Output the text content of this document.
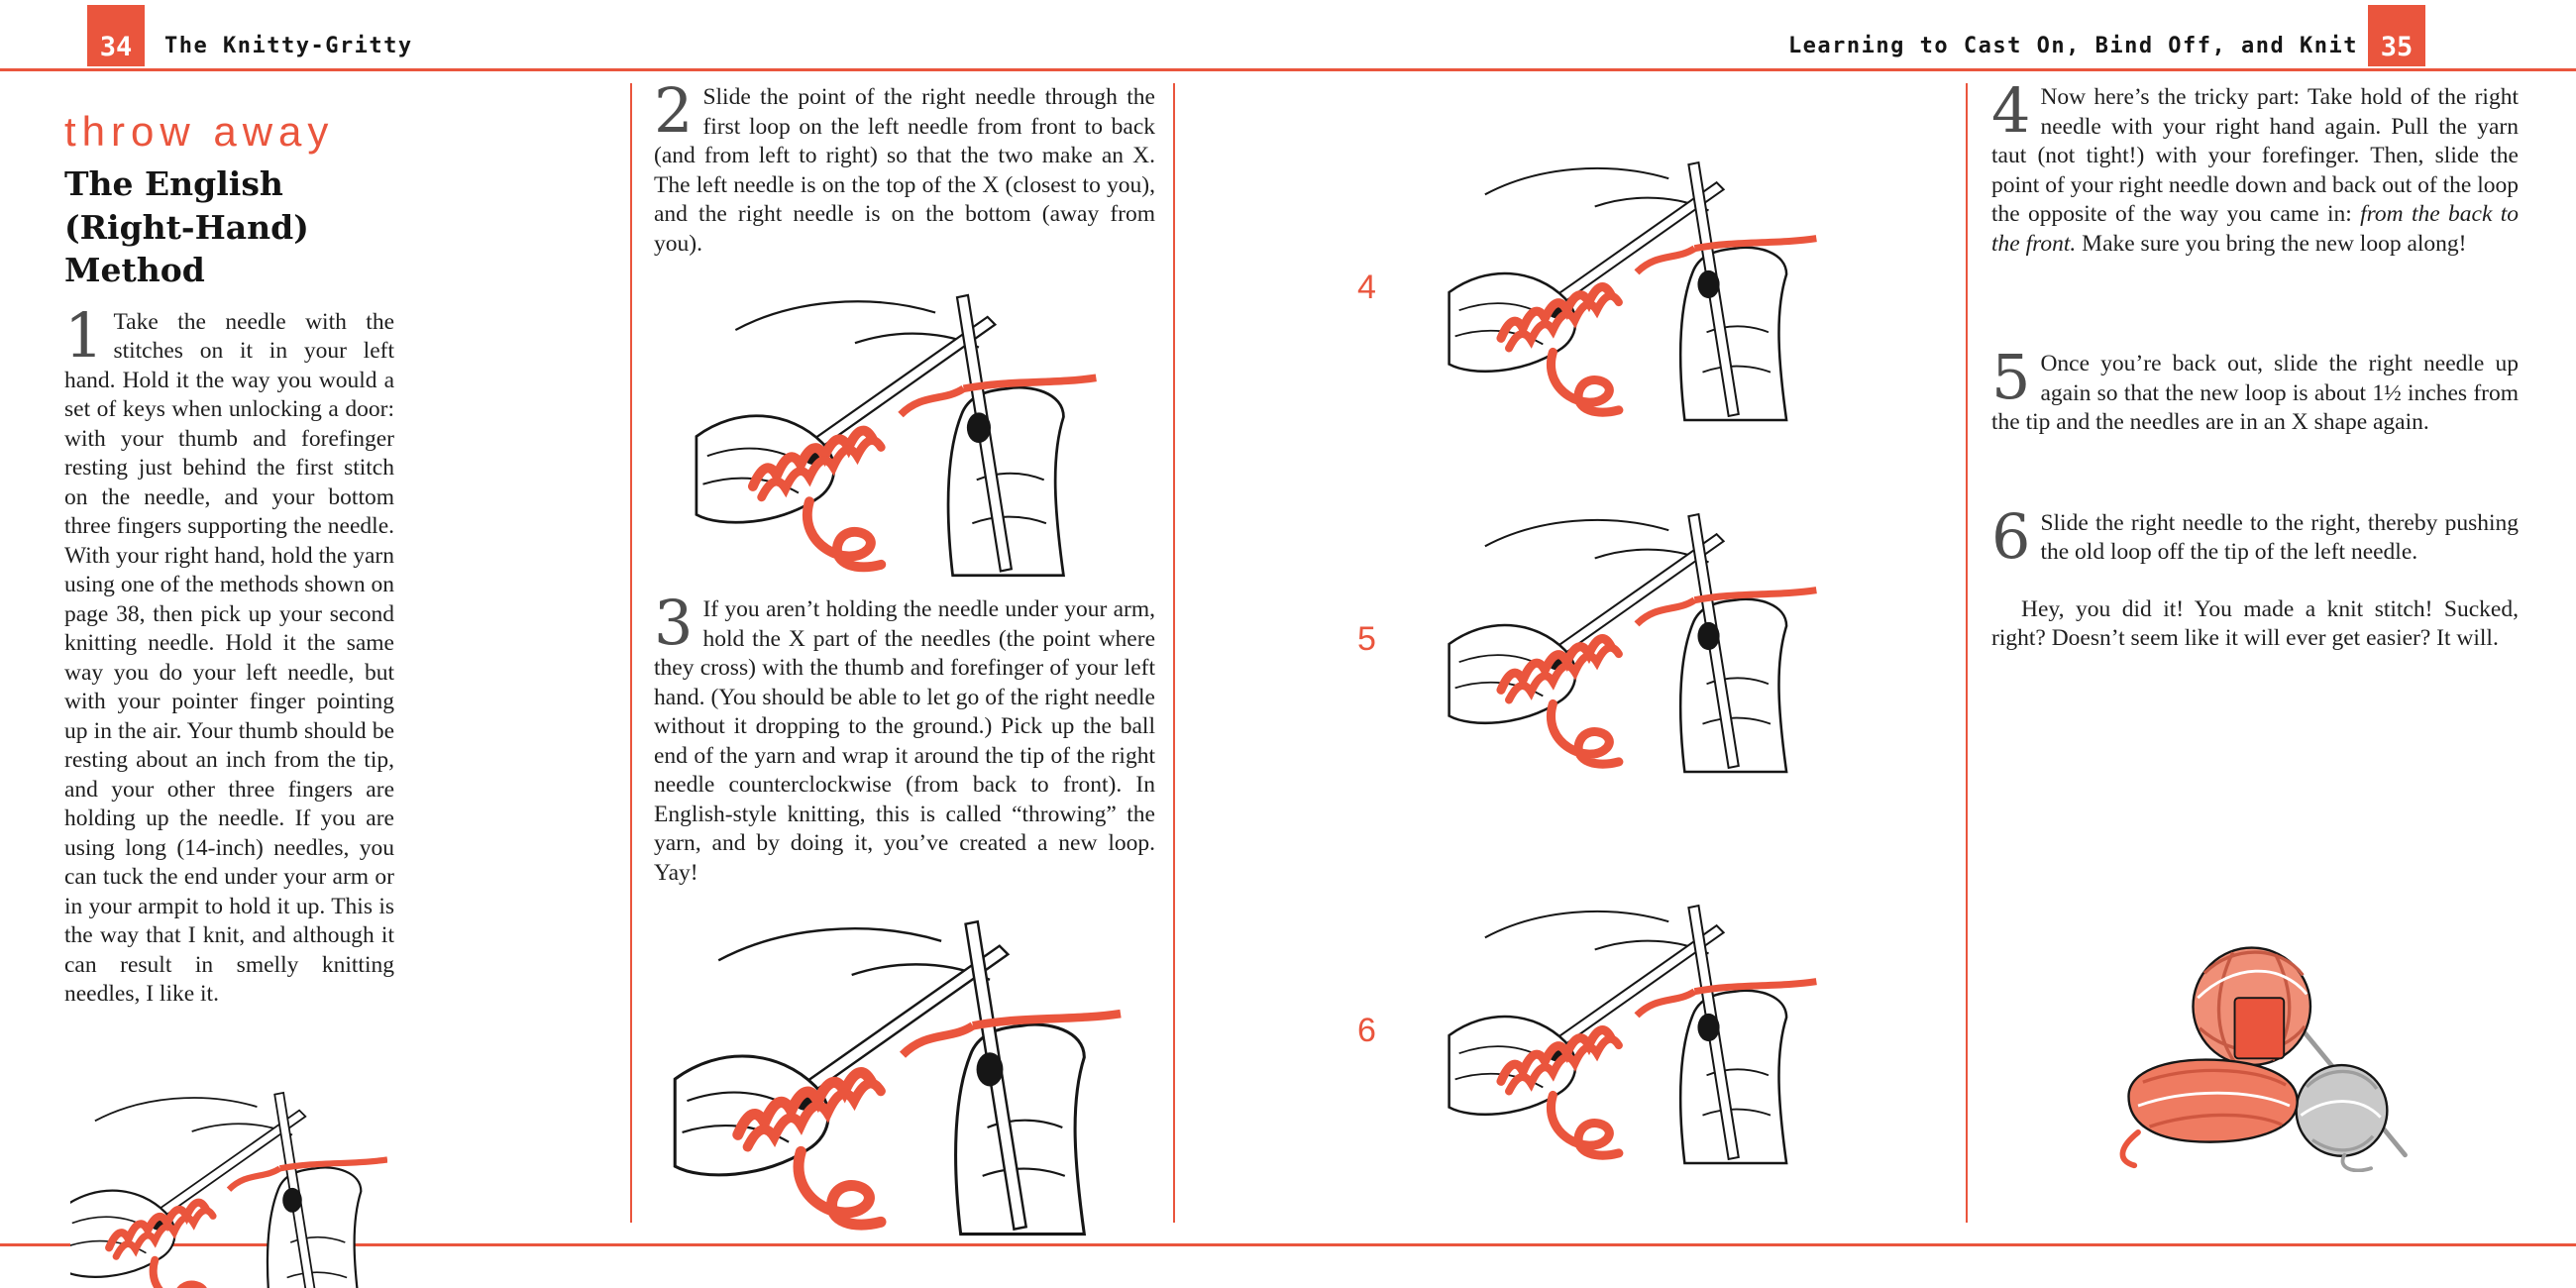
34 The Knitty-Gritty	Learning to Cast On, Bind Off, and Knit 35
throw away
The English
(Right-Hand) Method
1 Take the needle with the stitches on it in your left hand. Hold it the way you would a set of keys when unlocking a door: with your thumb and forefinger resting just behind the first stitch on the needle, and your bottom three fingers supporting the needle. With your right hand, hold the yarn using one of the methods shown on page 38, then pick up your second knitting needle. Hold it the same way you do your left needle, but with your pointer finger pointing up in the air. Your thumb should be resting about an inch from the tip, and your other three fingers are holding up the needle. If you are using long (14-inch) needles, you can tuck the end under your arm or in your armpit to hold it up. This is the way that I knit, and although it can result in smelly knitting needles, I like it.
2 Slide the point of the right needle through the first loop on the left needle from front to back (and from left to right) so that the two make an X. The left needle is on the top of the X (closest to you), and the right needle is on the bottom (away from you).
3 If you aren’t holding the needle under your arm, hold the X part of the needles (the point where they cross) with the thumb and forefinger of your left hand. (You should be able to let go of the right needle without it dropping to the ground.) Pick up the ball end of the yarn and wrap it around the tip of the right needle counterclockwise (from back to front). In English-style knitting, this is called “throwing” the yarn, and by doing it, you’ve created a new loop. Yay!
4
5
6
4 Now here’s the tricky part: Take hold of the right needle with your right hand again. Pull the yarn taut (not tight!) with your forefinger. Then, slide the point of your right needle down and back out of the loop the opposite of the way you came in: from the back to the front. Make sure you bring the new loop along!
5 Once you’re back out, slide the right needle up again so that the new loop is about 1½ inches from the tip and the needles are in an X shape again.
6 Slide the right needle to the right, thereby pushing the old loop off the tip of the left needle.
Hey, you did it! You made a knit stitch! Sucked, right? Doesn’t seem like it will ever get easier? It will.
